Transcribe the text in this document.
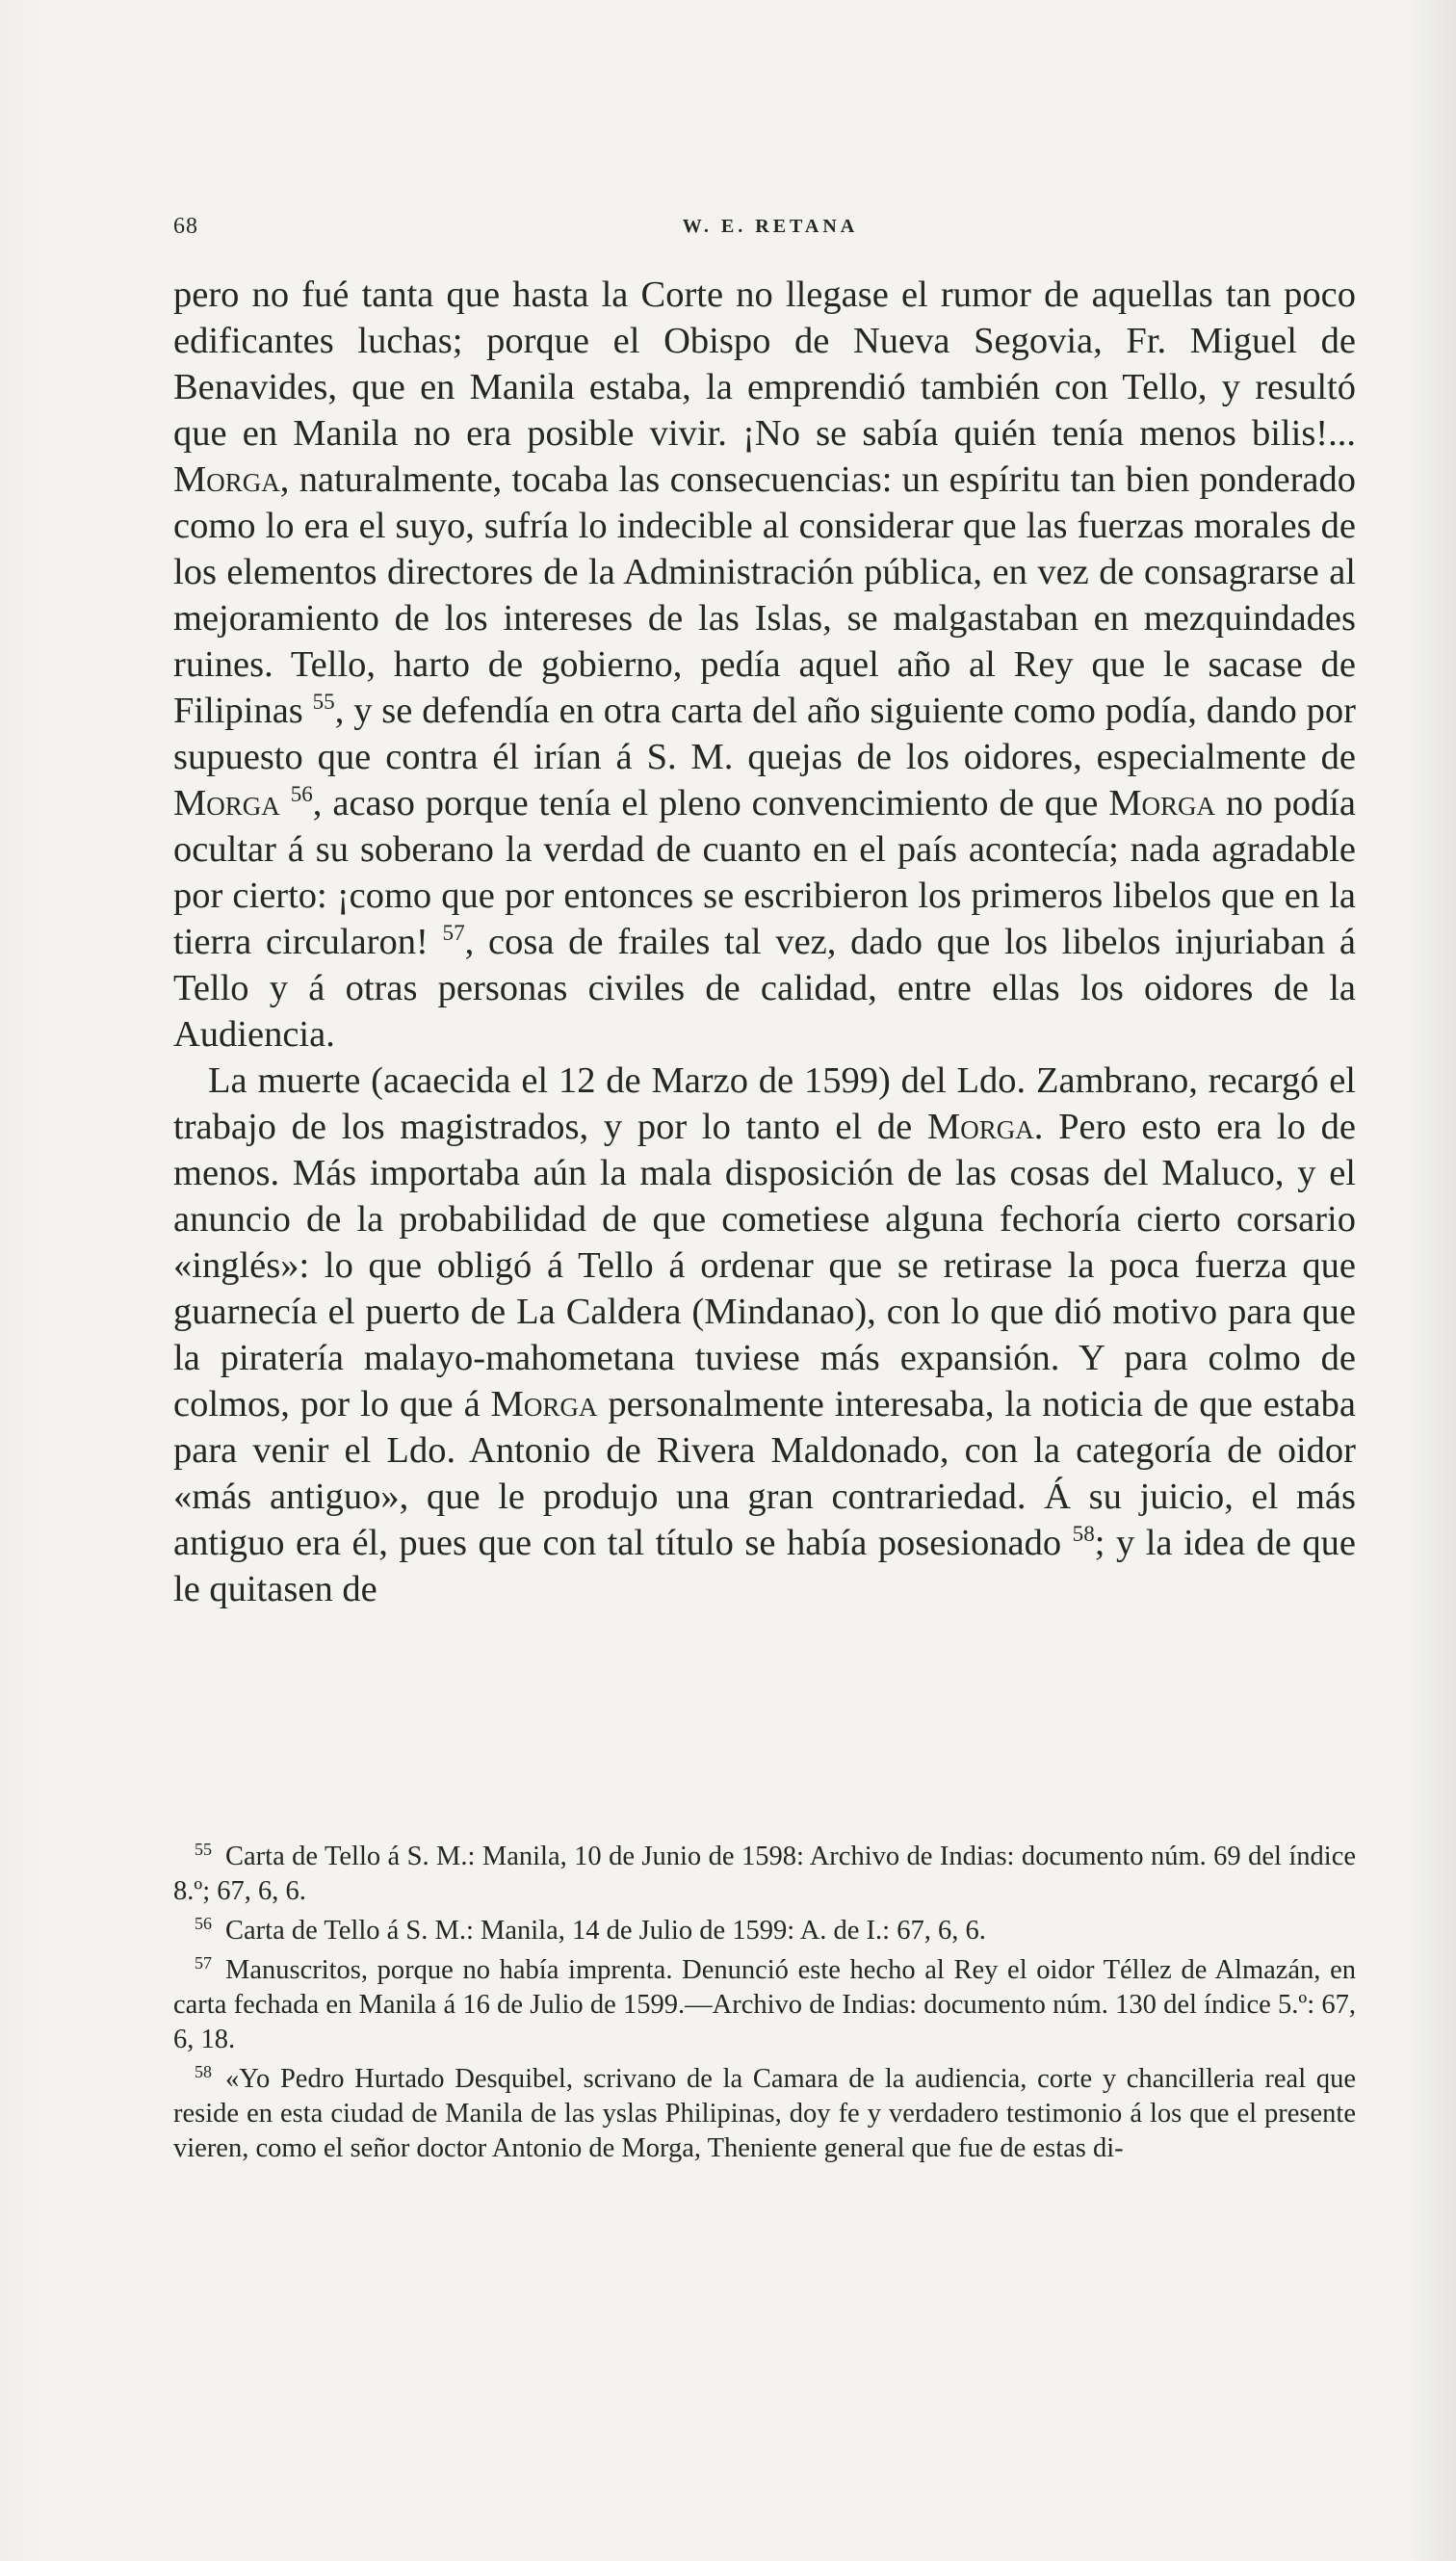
68	W. E. RETANA

pero no fué tanta que hasta la Corte no llegase el rumor de aquellas tan poco edificantes luchas; porque el Obispo de Nueva Segovia, Fr. Miguel de Benavides, que en Manila estaba, la emprendió también con Tello, y resultó que en Manila no era posible vivir. ¡No se sabía quién tenía menos bilis!... Morga, naturalmente, tocaba las consecuencias: un espíritu tan bien ponderado como lo era el suyo, sufría lo indecible al considerar que las fuerzas morales de los elementos directores de la Administración pública, en vez de consagrarse al mejoramiento de los intereses de las Islas, se malgastaban en mezquindades ruines. Tello, harto de gobierno, pedía aquel año al Rey que le sacase de Filipinas $^{55}$, y se defendía en otra carta del año siguiente como podía, dando por supuesto que contra él irían á S. M. quejas de los oidores, especialmente de Morga $^{56}$, acaso porque tenía el pleno convencimiento de que Morga no podía ocultar á su soberano la verdad de cuanto en el país acontecía; nada agradable por cierto: ¡como que por entonces se escribieron los primeros libelos que en la tierra circularon! $^{57}$, cosa de frailes tal vez, dado que los libelos injuriaban á Tello y á otras personas civiles de calidad, entre ellas los oidores de la Audiencia.

La muerte (acaecida el 12 de Marzo de 1599) del Ldo. Zambrano, recargó el trabajo de los magistrados, y por lo tanto el de Morga. Pero esto era lo de menos. Más importaba aún la mala disposición de las cosas del Maluco, y el anuncio de la probabilidad de que cometiese alguna fechoría cierto corsario «inglés»: lo que obligó á Tello á ordenar que se retirase la poca fuerza que guarnecía el puerto de La Caldera (Mindanao), con lo que dió motivo para que la piratería malayo-mahometana tuviese más expansión. Y para colmo de colmos, por lo que á Morga personalmente interesaba, la noticia de que estaba para venir el Ldo. Antonio de Rivera Maldonado, con la categoría de oidor «más antiguo», que le produjo una gran contrariedad. Á su juicio, el más antiguo era él, pues que con tal título se había posesionado $^{58}$; y la idea de que le quitasen de

$^{55}$ Carta de Tello á S. M.: Manila, 10 de Junio de 1598: Archivo de Indias: documento núm. 69 del índice 8.º; 67, 6, 6.

$^{56}$ Carta de Tello á S. M.: Manila, 14 de Julio de 1599: A. de I.: 67, 6, 6.

$^{57}$ Manuscritos, porque no había imprenta. Denunció este hecho al Rey el oidor Téllez de Almazán, en carta fechada en Manila á 16 de Julio de 1599.—Archivo de Indias: documento núm. 130 del índice 5.º: 67, 6, 18.

$^{58}$ «Yo Pedro Hurtado Desquibel, scrivano de la Camara de la audiencia, corte y chancilleria real que reside en esta ciudad de Manila de las yslas Philipinas, doy fe y verdadero testimonio á los que el presente vieren, como el señor doctor Antonio de Morga, Theniente general que fue de estas di-
